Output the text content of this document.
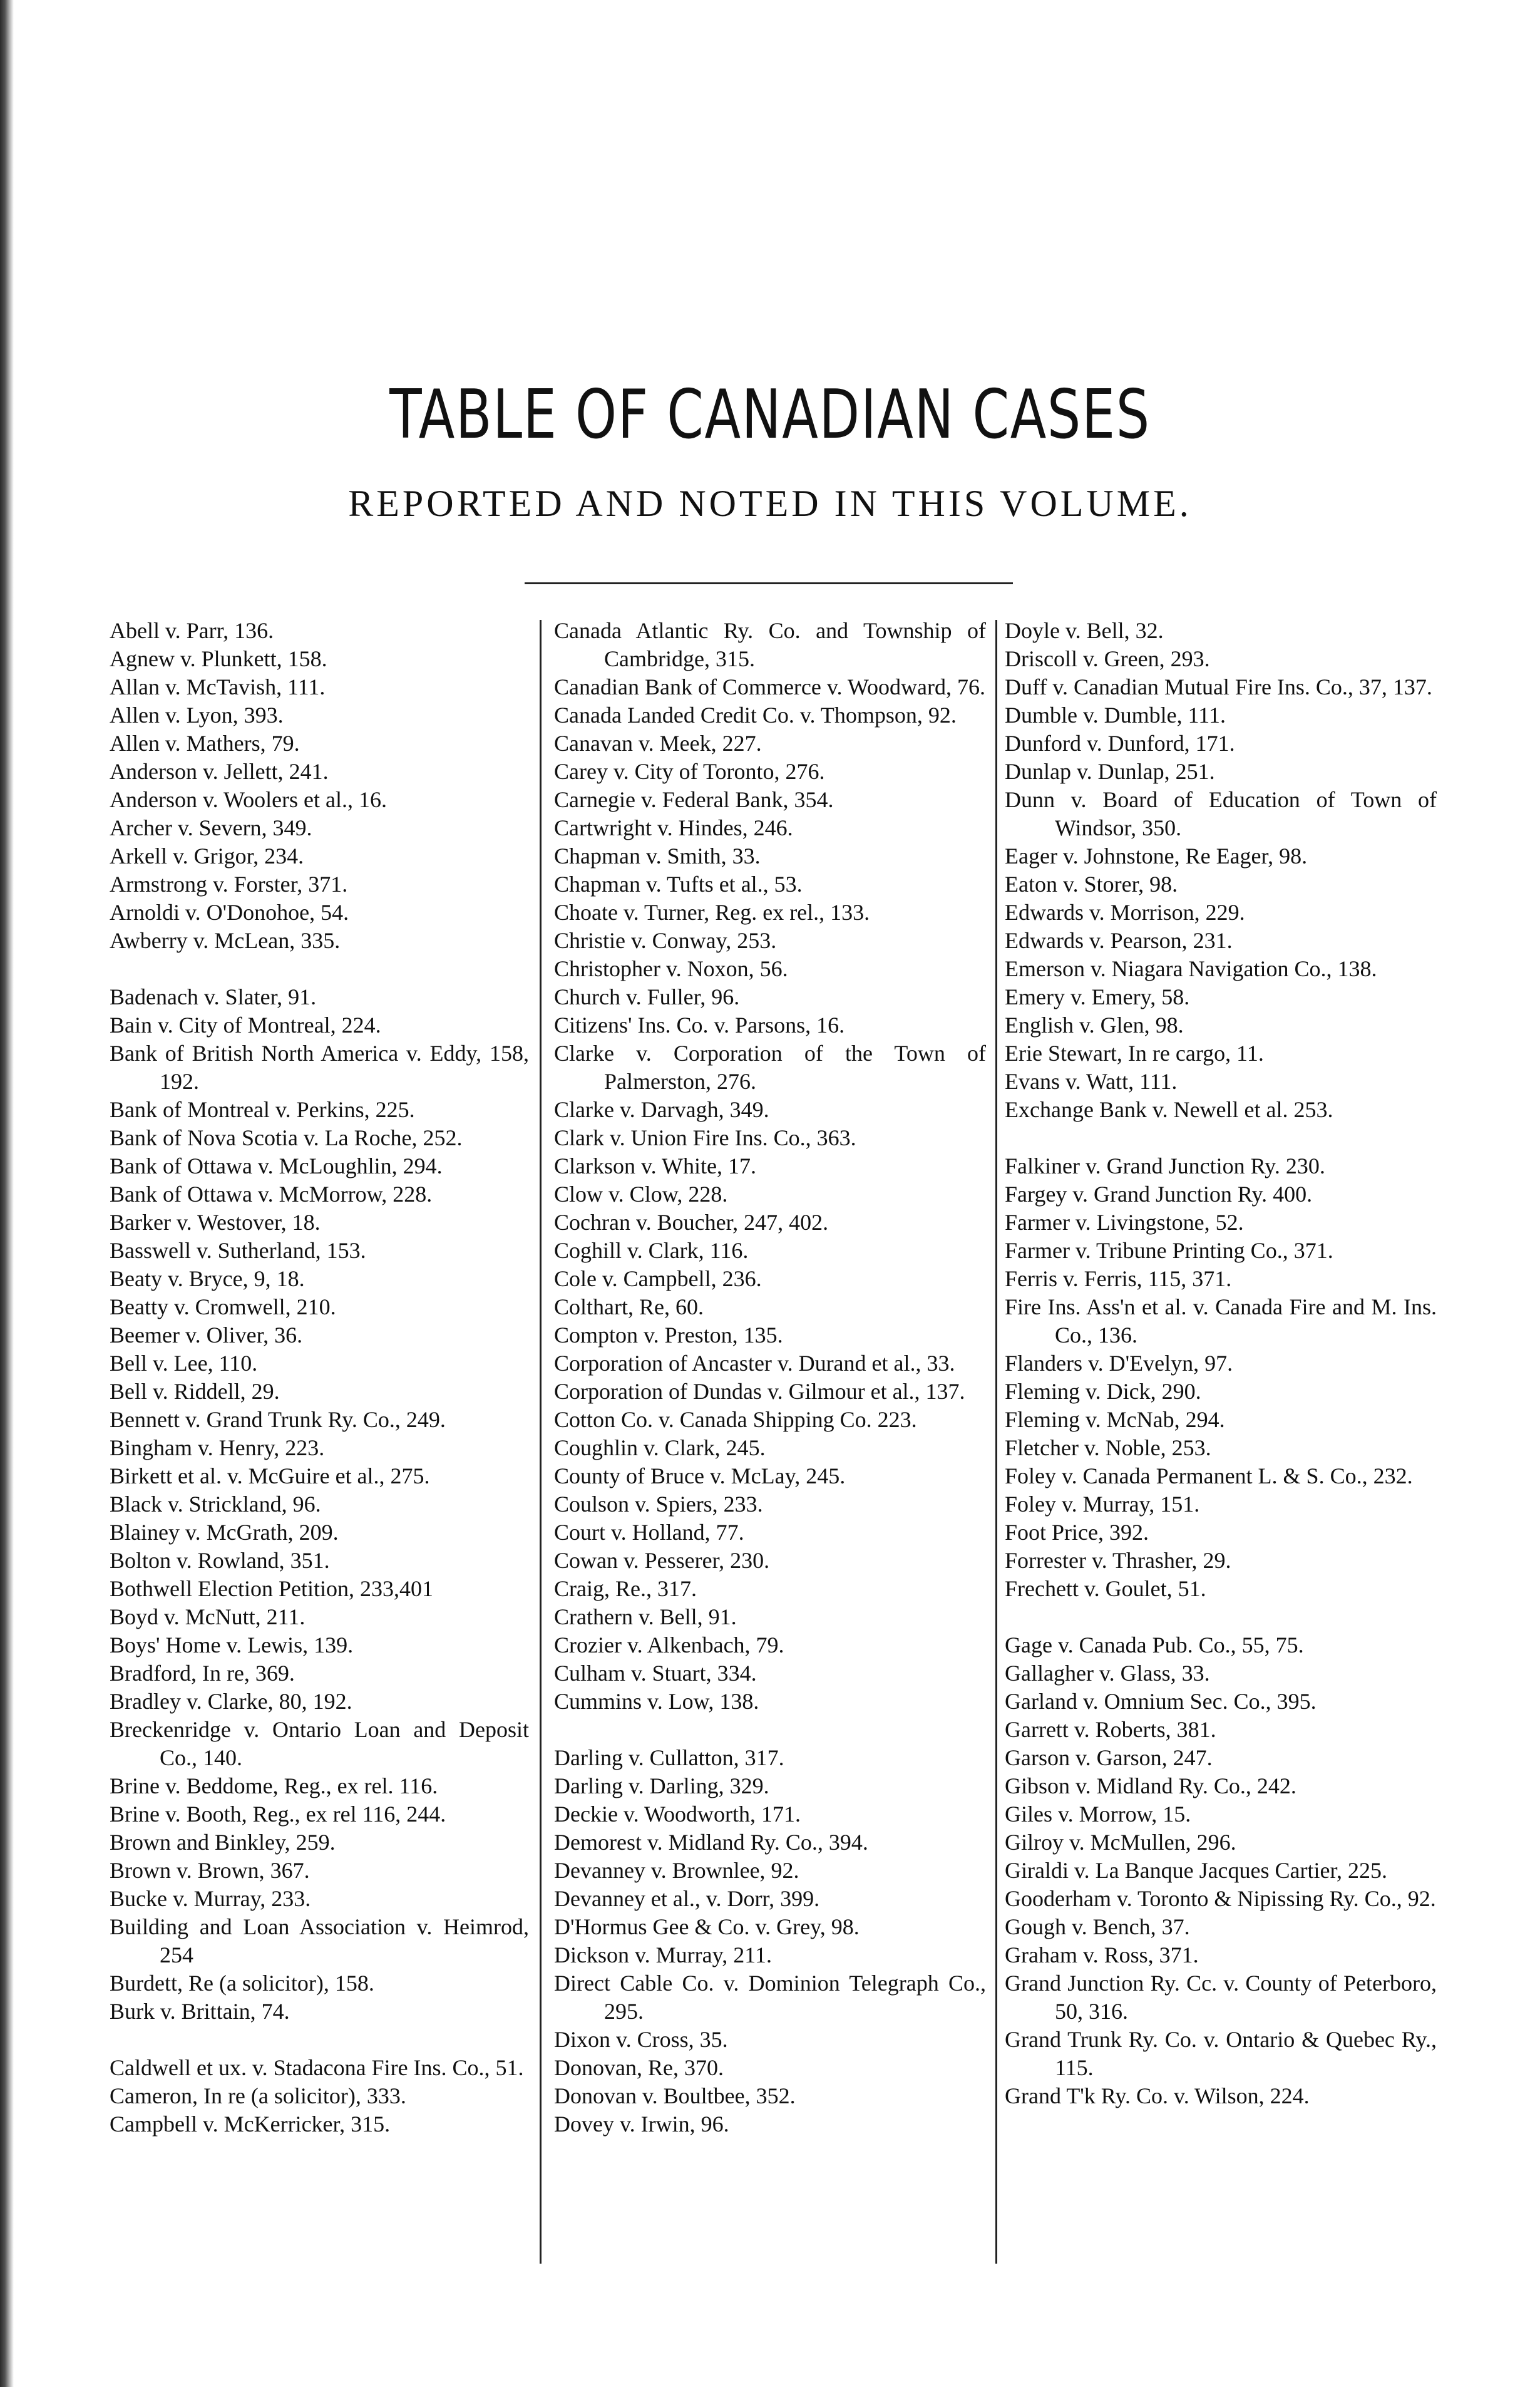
TABLE OF CANADIAN CASES
REPORTED AND NOTED IN THIS VOLUME.

Abell v. Parr, 136.

Agnew v. Plunkett, 158.

Allan v. McTavish, 111.

Allen v. Lyon, 393.

Allen v. Mathers, 79.

Anderson v. Jellett, 241.

Anderson v. Woolers et al., 16.

Archer v. Severn, 349.

Arkell v. Grigor, 234.

Armstrong v. Forster, 371.

Arnoldi v. O'Donohoe, 54.

Awberry v. McLean, 335.

Badenach v. Slater, 91.

Bain v. City of Montreal, 224.

Bank of British North America v. Eddy, 158, 192.

Bank of Montreal v. Perkins, 225.

Bank of Nova Scotia v. La Roche, 252.

Bank of Ottawa v. McLoughlin, 294.

Bank of Ottawa v. McMorrow, 228.

Barker v. Westover, 18.

Basswell v. Sutherland, 153.

Beaty v. Bryce, 9, 18.

Beatty v. Cromwell, 210.

Beemer v. Oliver, 36.

Bell v. Lee, 110.

Bell v. Riddell, 29.

Bennett v. Grand Trunk Ry. Co., 249.

Bingham v. Henry, 223.

Birkett et al. v. McGuire et al., 275.

Black v. Strickland, 96.

Blainey v. McGrath, 209.

Bolton v. Rowland, 351.

Bothwell Election Petition, 233,401

Boyd v. McNutt, 211.

Boys' Home v. Lewis, 139.

Bradford, In re, 369.

Bradley v. Clarke, 80, 192.

Breckenridge v. Ontario Loan and Deposit Co., 140.

Brine v. Beddome, Reg., ex rel. 116.

Brine v. Booth, Reg., ex rel 116, 244.

Brown and Binkley, 259.

Brown v. Brown, 367.

Bucke v. Murray, 233.

Building and Loan Association v. Heimrod, 254

Burdett, Re (a solicitor), 158.

Burk v. Brittain, 74.

Caldwell et ux. v. Stadacona Fire Ins. Co., 51.

Cameron, In re (a solicitor), 333.

Campbell v. McKerricker, 315.

Canada Atlantic Ry. Co. and Township of Cambridge, 315.

Canadian Bank of Commerce v. Woodward, 76.

Canada Landed Credit Co. v. Thompson, 92.

Canavan v. Meek, 227.

Carey v. City of Toronto, 276.

Carnegie v. Federal Bank, 354.

Cartwright v. Hindes, 246.

Chapman v. Smith, 33.

Chapman v. Tufts et al., 53.

Choate v. Turner, Reg. ex rel., 133.

Christie v. Conway, 253.

Christopher v. Noxon, 56.

Church v. Fuller, 96.

Citizens' Ins. Co. v. Parsons, 16.

Clarke v. Corporation of the Town of Palmerston, 276.

Clarke v. Darvagh, 349.

Clark v. Union Fire Ins. Co., 363.

Clarkson v. White, 17.

Clow v. Clow, 228.

Cochran v. Boucher, 247, 402.

Coghill v. Clark, 116.

Cole v. Campbell, 236.

Colthart, Re, 60.

Compton v. Preston, 135.

Corporation of Ancaster v. Durand et al., 33.

Corporation of Dundas v. Gilmour et al., 137.

Cotton Co. v. Canada Shipping Co. 223.

Coughlin v. Clark, 245.

County of Bruce v. McLay, 245.

Coulson v. Spiers, 233.

Court v. Holland, 77.

Cowan v. Pesserer, 230.

Craig, Re., 317.

Crathern v. Bell, 91.

Crozier v. Alkenbach, 79.

Culham v. Stuart, 334.

Cummins v. Low, 138.

Darling v. Cullatton, 317.

Darling v. Darling, 329.

Deckie v. Woodworth, 171.

Demorest v. Midland Ry. Co., 394.

Devanney v. Brownlee, 92.

Devanney et al., v. Dorr, 399.

D'Hormus Gee & Co. v. Grey, 98.

Dickson v. Murray, 211.

Direct Cable Co. v. Dominion Telegraph Co., 295.

Dixon v. Cross, 35.

Donovan, Re, 370.

Donovan v. Boultbee, 352.

Dovey v. Irwin, 96.

Doyle v. Bell, 32.

Driscoll v. Green, 293.

Duff v. Canadian Mutual Fire Ins. Co., 37, 137.

Dumble v. Dumble, 111.

Dunford v. Dunford, 171.

Dunlap v. Dunlap, 251.

Dunn v. Board of Education of Town of Windsor, 350.

Eager v. Johnstone, Re Eager, 98.

Eaton v. Storer, 98.

Edwards v. Morrison, 229.

Edwards v. Pearson, 231.

Emerson v. Niagara Navigation Co., 138.

Emery v. Emery, 58.

English v. Glen, 98.

Erie Stewart, In re cargo, 11.

Evans v. Watt, 111.

Exchange Bank v. Newell et al. 253.

Falkiner v. Grand Junction Ry. 230.

Fargey v. Grand Junction Ry. 400.

Farmer v. Livingstone, 52.

Farmer v. Tribune Printing Co., 371.

Ferris v. Ferris, 115, 371.

Fire Ins. Ass'n et al. v. Canada Fire and M. Ins. Co., 136.

Flanders v. D'Evelyn, 97.

Fleming v. Dick, 290.

Fleming v. McNab, 294.

Fletcher v. Noble, 253.

Foley v. Canada Permanent L. & S. Co., 232.

Foley v. Murray, 151.

Foot Price, 392.

Forrester v. Thrasher, 29.

Frechett v. Goulet, 51.

Gage v. Canada Pub. Co., 55, 75.

Gallagher v. Glass, 33.

Garland v. Omnium Sec. Co., 395.

Garrett v. Roberts, 381.

Garson v. Garson, 247.

Gibson v. Midland Ry. Co., 242.

Giles v. Morrow, 15.

Gilroy v. McMullen, 296.

Giraldi v. La Banque Jacques Cartier, 225.

Gooderham v. Toronto & Nipissing Ry. Co., 92.

Gough v. Bench, 37.

Graham v. Ross, 371.

Grand Junction Ry. Cc. v. County of Peterboro, 50, 316.

Grand Trunk Ry. Co. v. Ontario & Quebec Ry., 115.

Grand T'k Ry. Co. v. Wilson, 224.
